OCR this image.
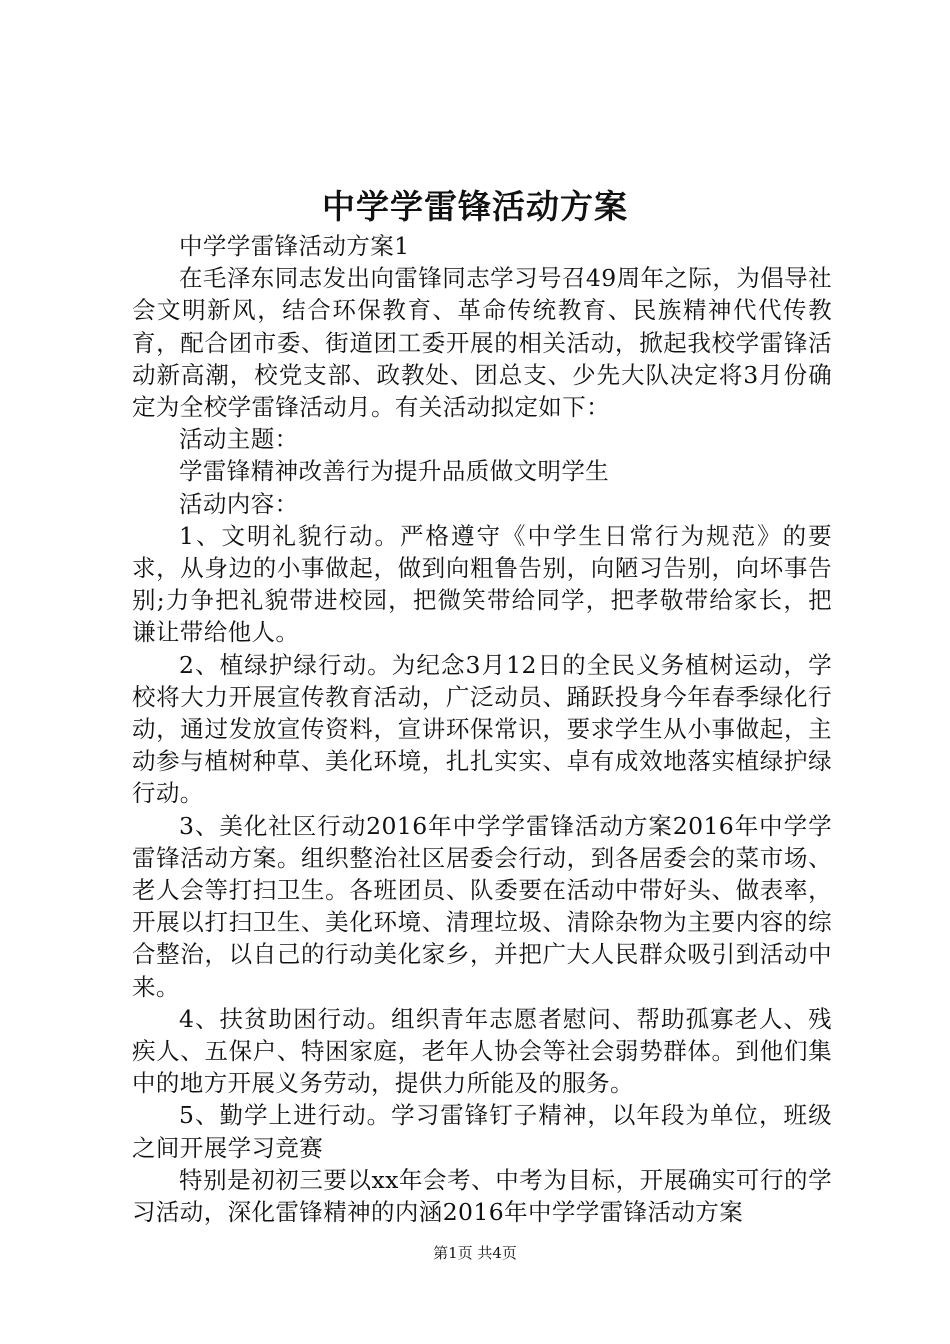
中学学雷锋活动方案

中学学雷锋活动方案1

在毛泽东同志发出向雷锋同志学习号召49周年之际，为倡导社会文明新风，结合环保教育、革命传统教育、民族精神代代传教育，配合团市委、街道团工委开展的相关活动，掀起我校学雷锋活动新高潮，校党支部、政教处、团总支、少先大队决定将3月份确定为全校学雷锋活动月。有关活动拟定如下：

活动主题：

学雷锋精神改善行为提升品质做文明学生

活动内容：

1、文明礼貌行动。严格遵守《中学生日常行为规范》的要求，从身边的小事做起，做到向粗鲁告别，向陋习告别，向坏事告别;力争把礼貌带进校园，把微笑带给同学，把孝敬带给家长，把谦让带给他人。

2、植绿护绿行动。为纪念3月12日的全民义务植树运动，学校将大力开展宣传教育活动，广泛动员、踊跃投身今年春季绿化行动，通过发放宣传资料，宣讲环保常识，要求学生从小事做起，主动参与植树种草、美化环境，扎扎实实、卓有成效地落实植绿护绿行动。

3、美化社区行动2016年中学学雷锋活动方案2016年中学学雷锋活动方案。组织整治社区居委会行动，到各居委会的菜市场、老人会等打扫卫生。各班团员、队委要在活动中带好头、做表率，开展以打扫卫生、美化环境、清理垃圾、清除杂物为主要内容的综合整治，以自己的行动美化家乡，并把广大人民群众吸引到活动中来。

4、扶贫助困行动。组织青年志愿者慰问、帮助孤寡老人、残疾人、五保户、特困家庭，老年人协会等社会弱势群体。到他们集中的地方开展义务劳动，提供力所能及的服务。

5、勤学上进行动。学习雷锋钉子精神，以年段为单位，班级之间开展学习竞赛

特别是初初三要以xx年会考、中考为目标，开展确实可行的学习活动，深化雷锋精神的内涵2016年中学学雷锋活动方案

第1页 共4页
